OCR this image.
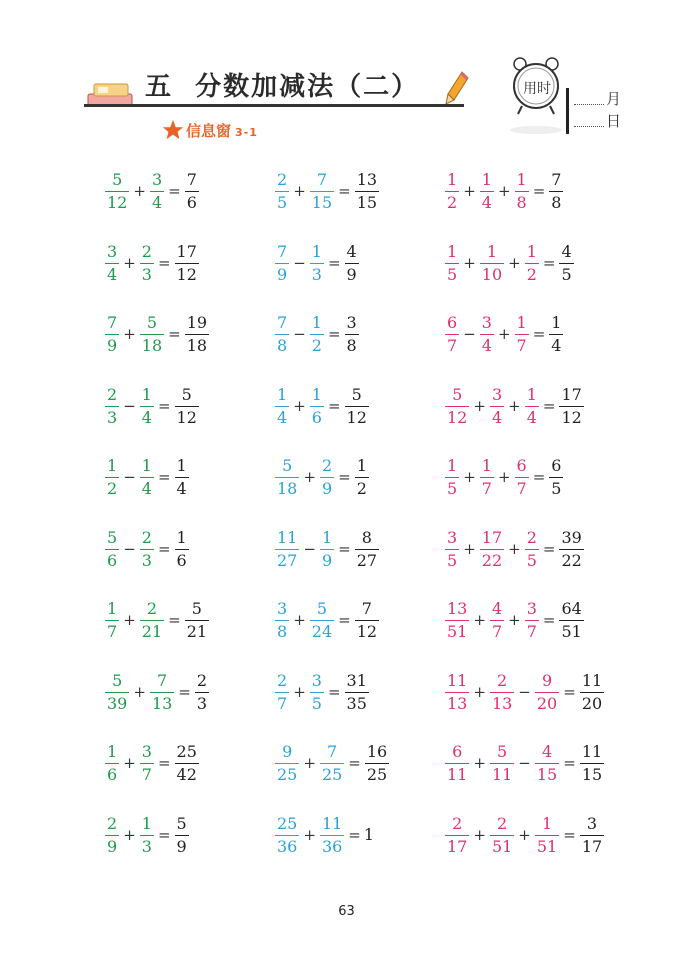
五  分数加减法（二）	用时
月
日
信息窗 3-1
$\frac{5}{12} + \frac{3}{4} = \frac{7}{6}$
$\frac{3}{4} + \frac{2}{3} = \frac{17}{12}$
$\frac{7}{9} + \frac{5}{18} = \frac{19}{18}$
$\frac{2}{3} - \frac{1}{4} = \frac{5}{12}$
$\frac{1}{2} - \frac{1}{4} = \frac{1}{4}$
$\frac{5}{6} - \frac{2}{3} = \frac{1}{6}$
$\frac{1}{7} + \frac{2}{21} = \frac{5}{21}$
$\frac{5}{39} + \frac{7}{13} = \frac{2}{3}$
$\frac{1}{6} + \frac{3}{7} = \frac{25}{42}$
$\frac{2}{9} + \frac{1}{3} = \frac{5}{9}$
$\frac{2}{5} + \frac{7}{15} = \frac{13}{15}$
$\frac{7}{9} - \frac{1}{3} = \frac{4}{9}$
$\frac{7}{8} - \frac{1}{2} = \frac{3}{8}$
$\frac{1}{4} + \frac{1}{6} = \frac{5}{12}$
$\frac{5}{18} + \frac{2}{9} = \frac{1}{2}$
$\frac{11}{27} - \frac{1}{9} = \frac{8}{27}$
$\frac{3}{8} + \frac{5}{24} = \frac{7}{12}$
$\frac{2}{7} + \frac{3}{5} = \frac{31}{35}$
$\frac{9}{25} + \frac{7}{25} = \frac{16}{25}$
$\frac{25}{36} + \frac{11}{36} = 1$
$\frac{1}{2} + \frac{1}{4} + \frac{1}{8} = \frac{7}{8}$
$\frac{1}{5} + \frac{1}{10} + \frac{1}{2} = \frac{4}{5}$
$\frac{6}{7} - \frac{3}{4} + \frac{1}{7} = \frac{1}{4}$
$\frac{5}{12} + \frac{3}{4} + \frac{1}{4} = \frac{17}{12}$
$\frac{1}{5} + \frac{1}{7} + \frac{6}{7} = \frac{6}{5}$
$\frac{3}{5} + \frac{17}{22} + \frac{2}{5} = \frac{39}{22}$
$\frac{13}{51} + \frac{4}{7} + \frac{3}{7} = \frac{64}{51}$
$\frac{11}{13} + \frac{2}{13} - \frac{9}{20} = \frac{11}{20}$
$\frac{6}{11} + \frac{5}{11} - \frac{4}{15} = \frac{11}{15}$
$\frac{2}{17} + \frac{2}{51} + \frac{1}{51} = \frac{3}{17}$
63
